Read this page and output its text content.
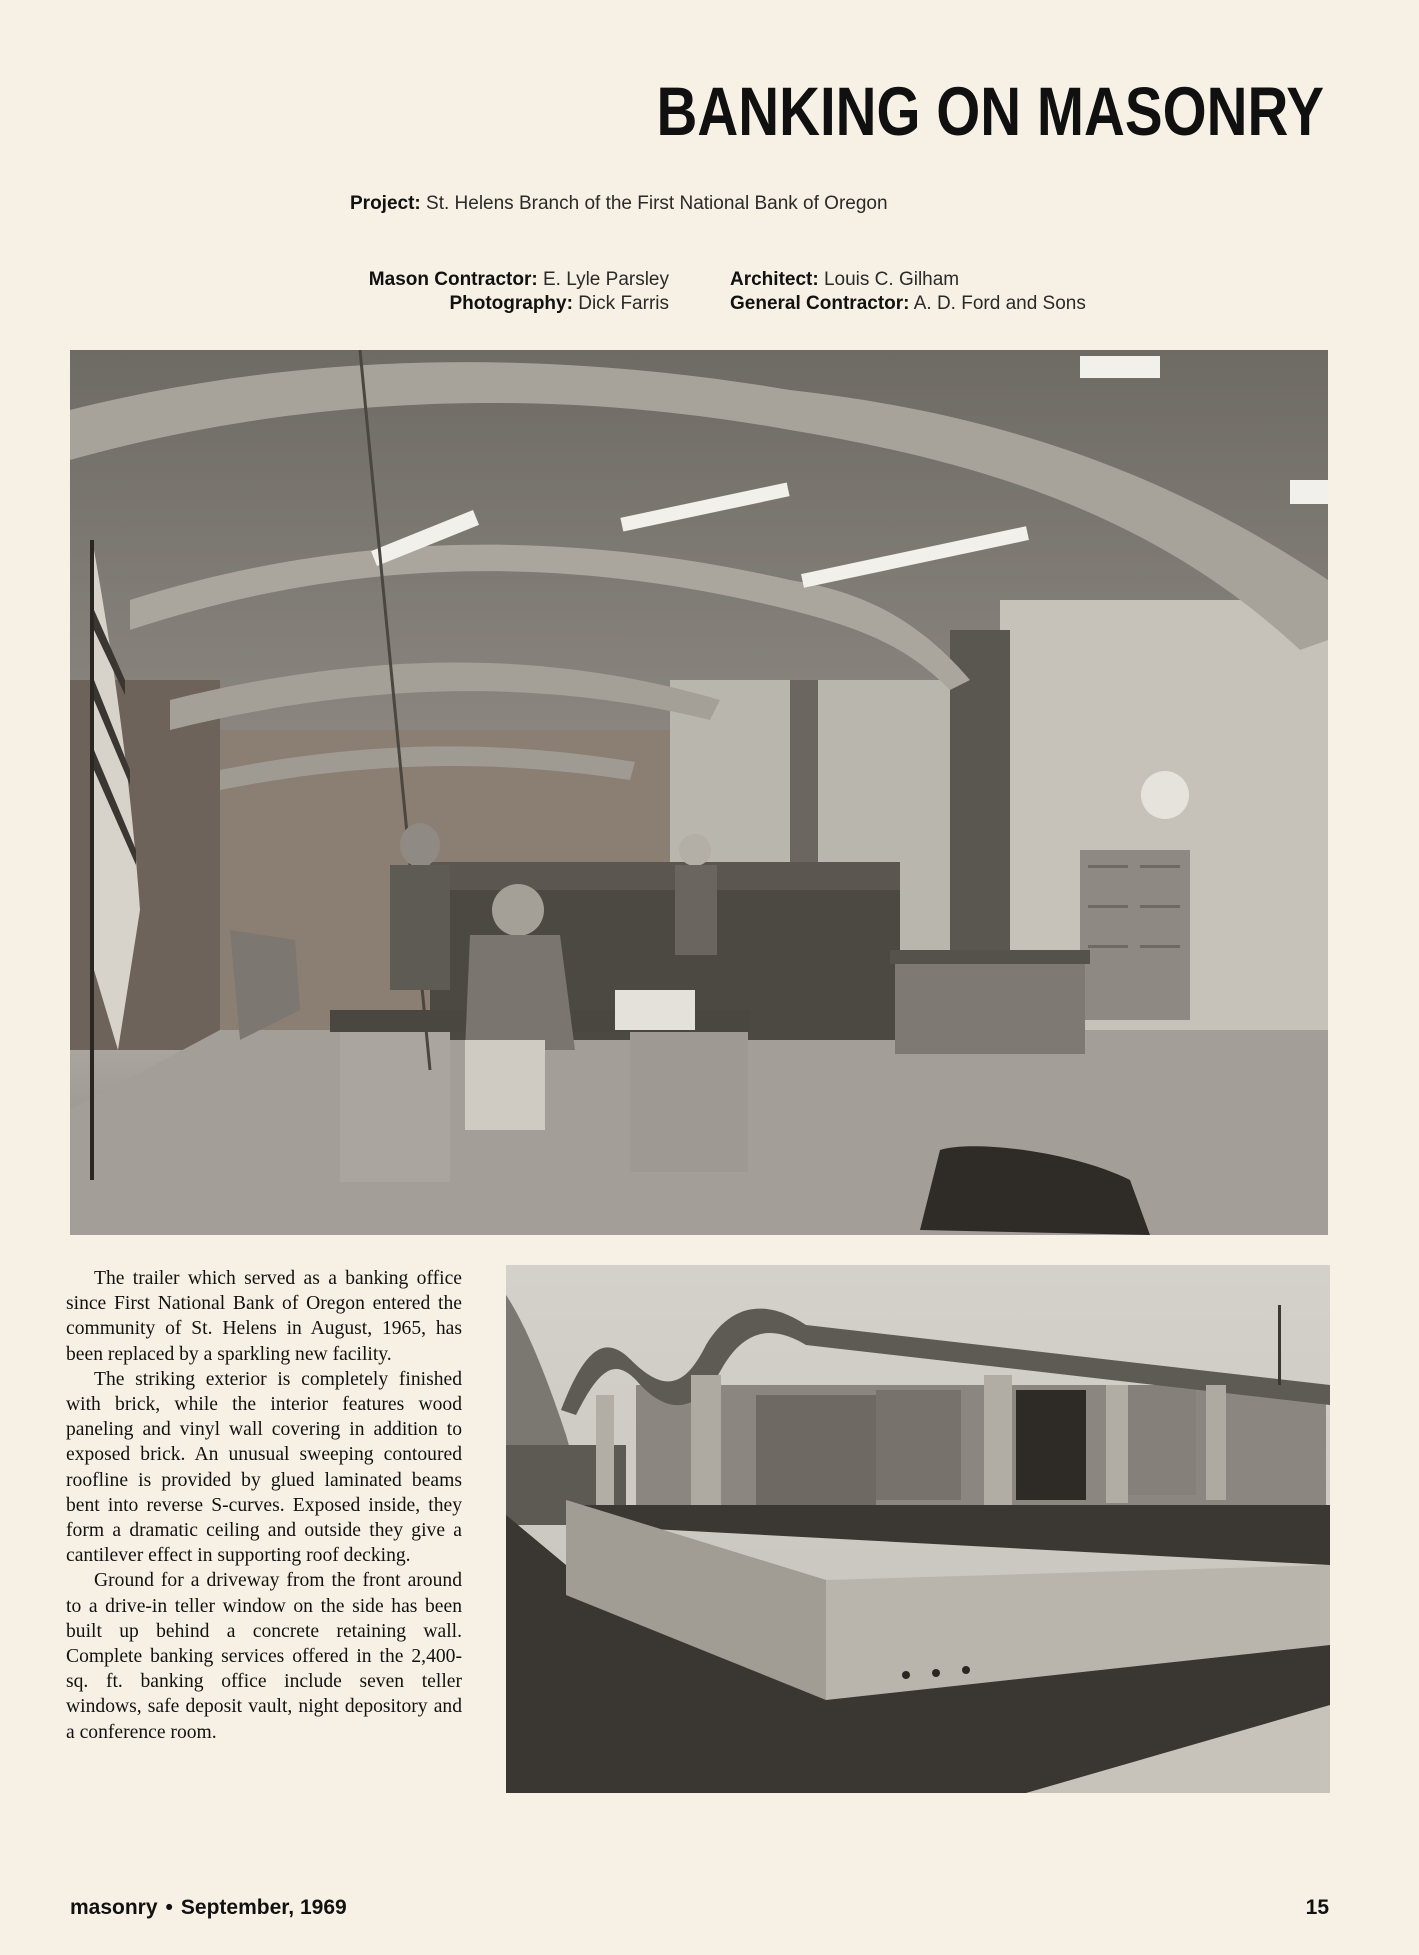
BANKING ON MASONRY
Project: St. Helens Branch of the First National Bank of Oregon
Mason Contractor: E. Lyle Parsley
Photography: Dick Farris
Architect: Louis C. Gilham
General Contractor: A. D. Ford and Sons

The trailer which served as a banking office since First National Bank of Oregon entered the community of St. Helens in August, 1965, has been replaced by a sparkling new facility.

The striking exterior is completely finished with brick, while the interior features wood paneling and vinyl wall covering in addition to exposed brick. An unusual sweeping contoured roofline is provided by glued laminated beams bent into reverse S-curves. Exposed inside, they form a dramatic ceiling and outside they give a cantilever effect in supporting roof decking.

Ground for a driveway from the front around to a drive-in teller window on the side has been built up behind a concrete retaining wall. Complete banking services offered in the 2,400-sq. ft. banking office include seven teller windows, safe deposit vault, night depository and a conference room.

masonry • September, 1969	15
